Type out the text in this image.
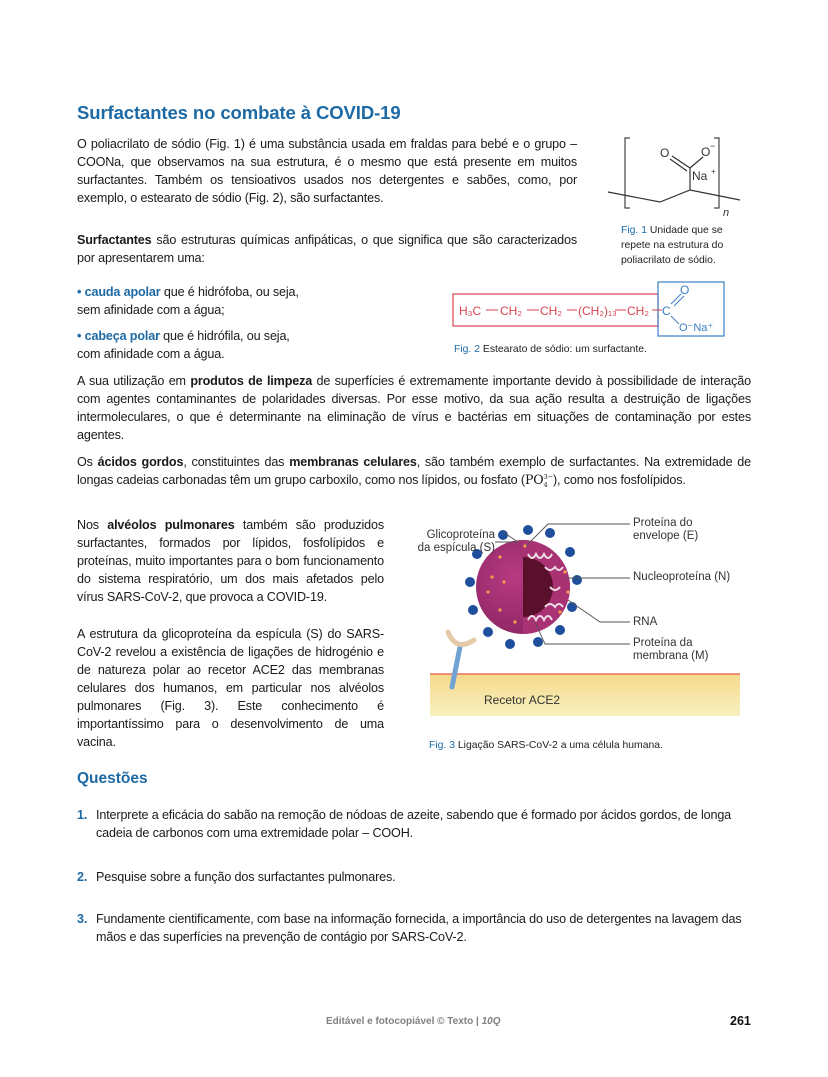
Surfactantes no combate à COVID-19
O poliacrilato de sódio (Fig. 1) é uma substância usada em fraldas para bebé e o grupo –COONa, que observamos na sua estrutura, é o mesmo que está presente em muitos surfactantes. Também os tensioativos usados nos detergentes e sabões, como, por exemplo, o estearato de sódio (Fig. 2), são surfactantes.
O	O −
Na +
n
Fig. 1 Unidade que se repete na estrutura do poliacrilato de sódio.
Surfactantes são estruturas químicas anfipáticas, o que significa que são caracterizados por apresentarem uma:
• cauda apolar que é hidrófoba, ou seja,
sem afinidade com a água;
• cabeça polar que é hidrófila, ou seja,
com afinidade com a água.
H₃C CH₂ CH₂ (CH₂)₁₃ CH₂ C
O
O⁻Na⁺
Fig. 2 Estearato de sódio: um surfactante.
A sua utilização em produtos de limpeza de superfícies é extremamente importante devido à possibilidade de interação com agentes contaminantes de polaridades diversas. Por esse motivo, da sua ação resulta a destruição de ligações intermoleculares, o que é determinante na eliminação de vírus e bactérias em situações de contaminação por estes agentes.
Os ácidos gordos, constituintes das membranas celulares, são também exemplo de surfactantes. Na extremidade de longas cadeias carbonadas têm um grupo carboxilo, como nos lípidos, ou fosfato (PO 3−
4 ), como nos fosfolípidos.
Nos alvéolos pulmonares também são produzidos surfactantes, formados por lípidos, fosfolípidos e proteínas, muito importantes para o bom funcionamento do sistema respiratório, um dos mais afetados pelo vírus SARS-CoV-2, que provoca a COVID-19.
A estrutura da glicoproteína da espícula (S) do SARS-CoV-2 revelou a existência de ligações de hidrogénio e de natureza polar ao recetor ACE2 das membranas celulares dos humanos, em particular nos alvéolos pulmonares (Fig. 3). Este conhecimento é importantíssimo para o desenvolvimento de uma vacina.
Glicoproteína
da espícula (S)
Proteína do
envelope (E)
Nucleoproteína (N)
RNA
Proteína da
membrana (M)
Recetor ACE2
Fig. 3 Ligação SARS-CoV-2 a uma célula humana.
Questões
1. Interprete a eficácia do sabão na remoção de nódoas de azeite, sabendo que é formado por ácidos gordos, de longa cadeia de carbonos com uma extremidade polar – COOH.
2. Pesquise sobre a função dos surfactantes pulmonares.
3. Fundamente cientificamente, com base na informação fornecida, a importância do uso de detergentes na lavagem das mãos e das superfícies na prevenção de contágio por SARS-CoV-2.
Editável e fotocopiável © Texto | 10Q	261
